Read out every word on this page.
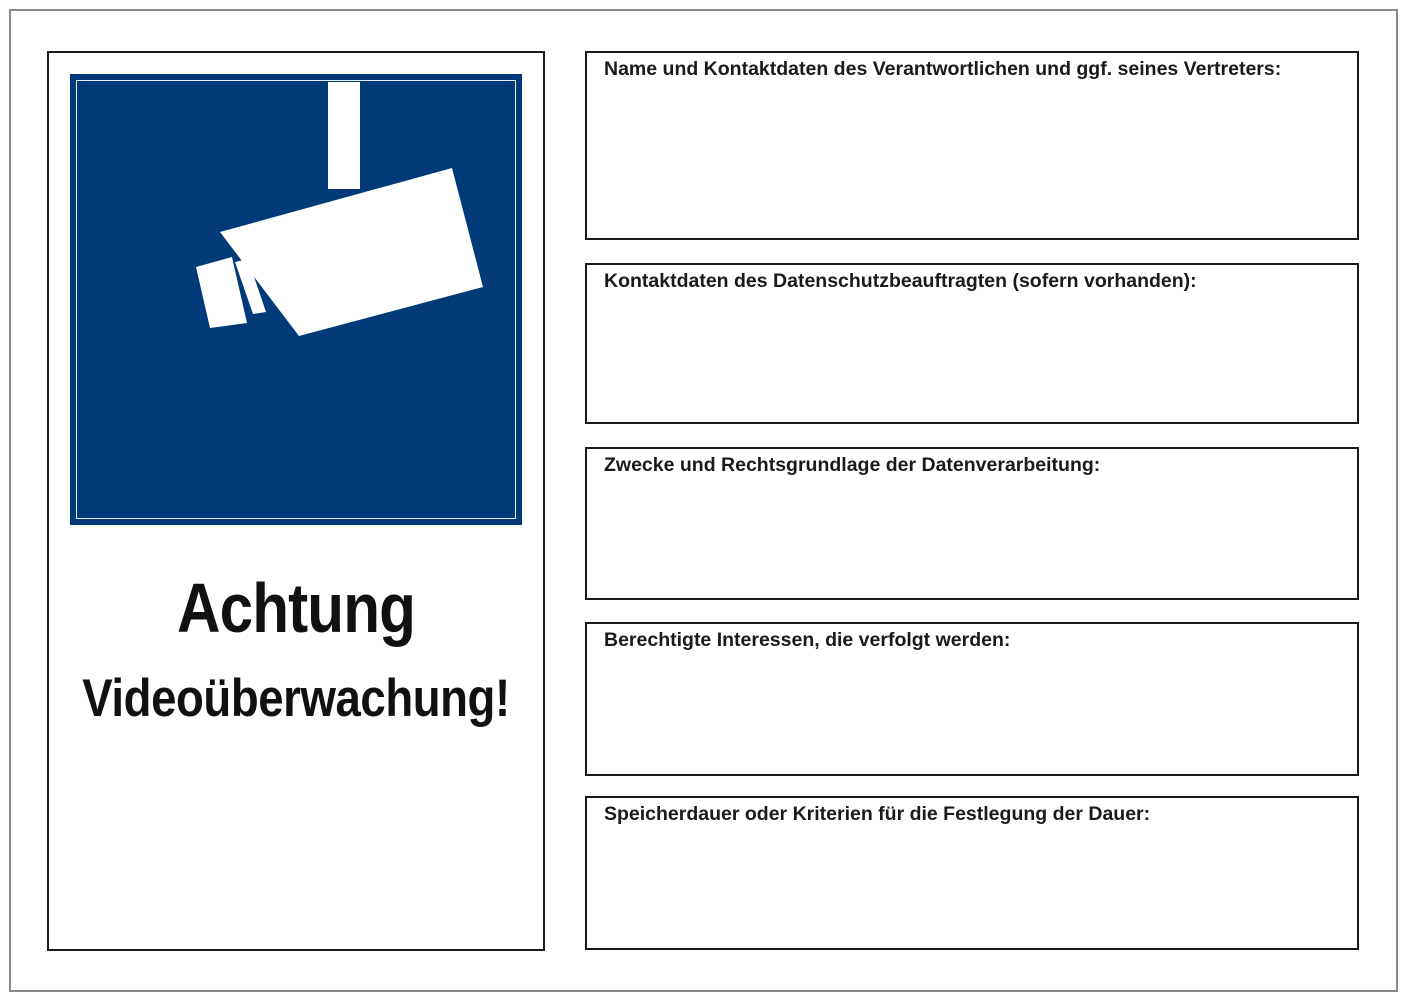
Achtung
Videoüberwachung!
Name und Kontaktdaten des Verantwortlichen und ggf. seines Vertreters:
Kontaktdaten des Datenschutzbeauftragten (sofern vorhanden):
Zwecke und Rechtsgrundlage der Datenverarbeitung:
Berechtigte Interessen, die verfolgt werden:
Speicherdauer oder Kriterien für die Festlegung der Dauer:
